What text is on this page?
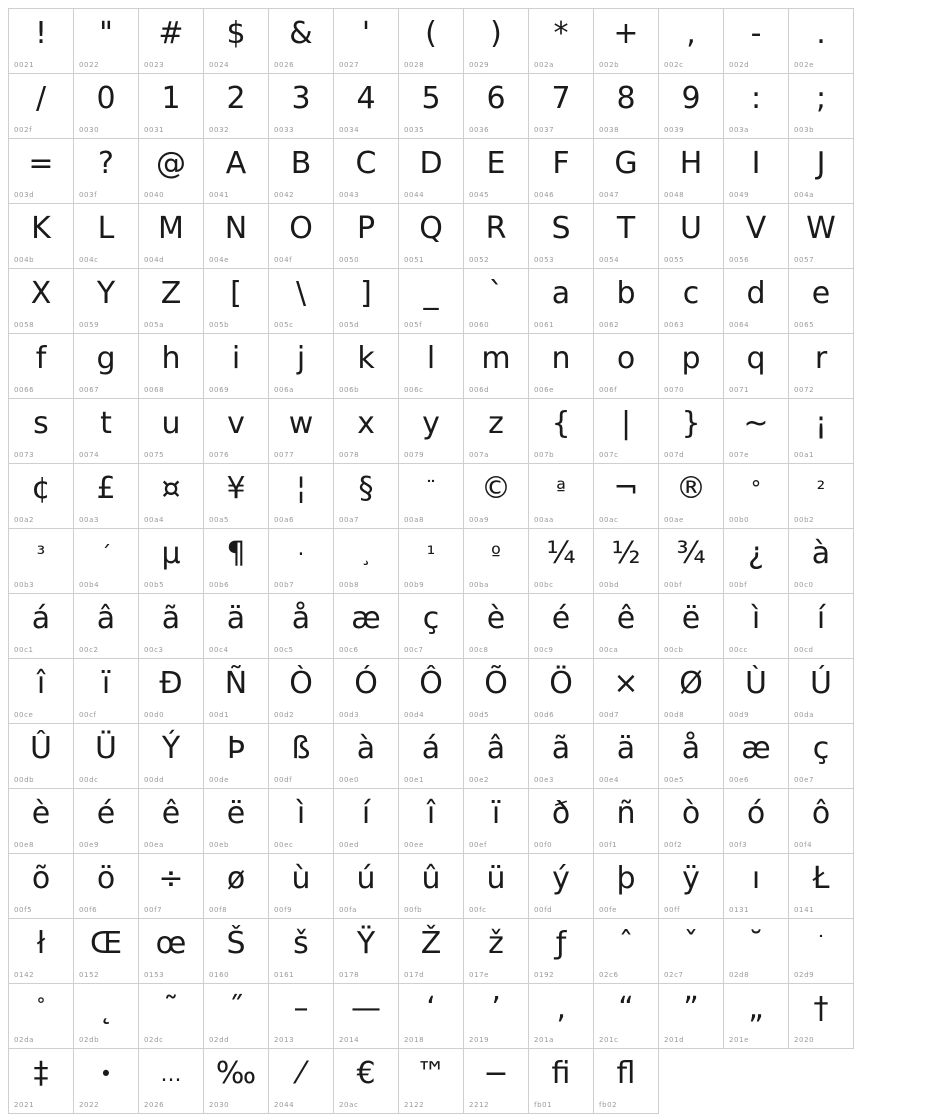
!
0021
"
0022
#
0023
$
0024
&
0026
'
0027
(
0028
)
0029
*
002a
+
002b
,
002c
-
002d
.
002e
/
002f
0
0030
1
0031
2
0032
3
0033
4
0034
5
0035
6
0036
7
0037
8
0038
9
0039
:
003a
;
003b
=
003d
?
003f
@
0040
A
0041
B
0042
C
0043
D
0044
E
0045
F
0046
G
0047
H
0048
I
0049
J
004a
K
004b
L
004c
M
004d
N
004e
O
004f
P
0050
Q
0051
R
0052
S
0053
T
0054
U
0055
V
0056
W
0057
X
0058
Y
0059
Z
005a
[
005b
\
005c
]
005d
_
005f
`
0060
a
0061
b
0062
c
0063
d
0064
e
0065
f
0066
g
0067
h
0068
i
0069
j
006a
k
006b
l
006c
m
006d
n
006e
o
006f
p
0070
q
0071
r
0072
s
0073
t
0074
u
0075
v
0076
w
0077
x
0078
y
0079
z
007a
{
007b
|
007c
}
007d
~
007e
¡
00a1
¢
00a2
£
00a3
¤
00a4
¥
00a5
¦
00a6
§
00a7
¨
00a8
©
00a9
ª
00aa
¬
00ac
®
00ae
°
00b0
²
00b2
³
00b3
´
00b4
µ
00b5
¶
00b6
·
00b7
¸
00b8
¹
00b9
º
00ba
¼
00bc
½
00bd
¾
00bf
¿
00bf
à
00c0
á
00c1
â
00c2
ã
00c3
ä
00c4
å
00c5
æ
00c6
ç
00c7
è
00c8
é
00c9
ê
00ca
ë
00cb
ì
00cc
í
00cd
î
00ce
ï
00cf
Ð
00d0
Ñ
00d1
Ò
00d2
Ó
00d3
Ô
00d4
Õ
00d5
Ö
00d6
×
00d7
Ø
00d8
Ù
00d9
Ú
00da
Û
00db
Ü
00dc
Ý
00dd
Þ
00de
ß
00df
à
00e0
á
00e1
â
00e2
ã
00e3
ä
00e4
å
00e5
æ
00e6
ç
00e7
è
00e8
é
00e9
ê
00ea
ë
00eb
ì
00ec
í
00ed
î
00ee
ï
00ef
ð
00f0
ñ
00f1
ò
00f2
ó
00f3
ô
00f4
õ
00f5
ö
00f6
÷
00f7
ø
00f8
ù
00f9
ú
00fa
û
00fb
ü
00fc
ý
00fd
þ
00fe
ÿ
00ff
ı
0131
Ł
0141
ł
0142
Œ
0152
œ
0153
Š
0160
š
0161
Ÿ
0178
Ž
017d
ž
017e
ƒ
0192
ˆ
02c6
ˇ
02c7
˘
02d8
˙
02d9
˚
02da
˛
02db
˜
02dc
˝
02dd
–
2013
—
2014
‘
2018
’
2019
‚
201a
“
201c
”
201d
„
201e
†
2020
‡
2021
•
2022
…
2026
‰
2030
⁄
2044
€
20ac
™
2122
−
2212
ﬁ
fb01
ﬂ
fb02
